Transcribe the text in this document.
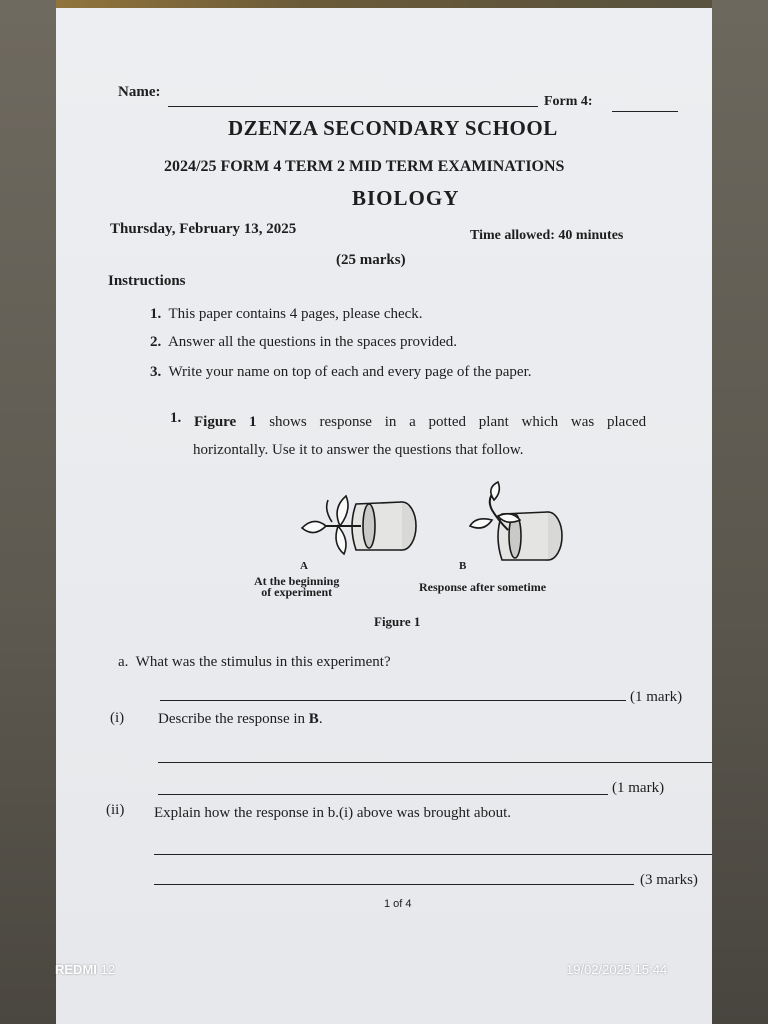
Name:
Form 4:
DZENZA SECONDARY SCHOOL
2024/25 FORM 4 TERM 2 MID TERM EXAMINATIONS
BIOLOGY
Thursday, February 13, 2025	Time allowed: 40 minutes
(25 marks)
Instructions
1. This paper contains 4 pages, please check.
2. Answer all the questions in the spaces provided.
3. Write your name on top of each and every page of the paper.
1. Figure 1 shows response in a potted plant which was placed
horizontally. Use it to answer the questions that follow.
A
At the beginning
of experiment
B
Response after sometime
Figure 1
a. What was the stimulus in this experiment?
(1 mark)
(i) Describe the response in B.
(1 mark)
(ii) Explain how the response in b.(i) above was brought about.
(3 marks)
1 of 4
REDMI 12	19/02/2025 15:44
